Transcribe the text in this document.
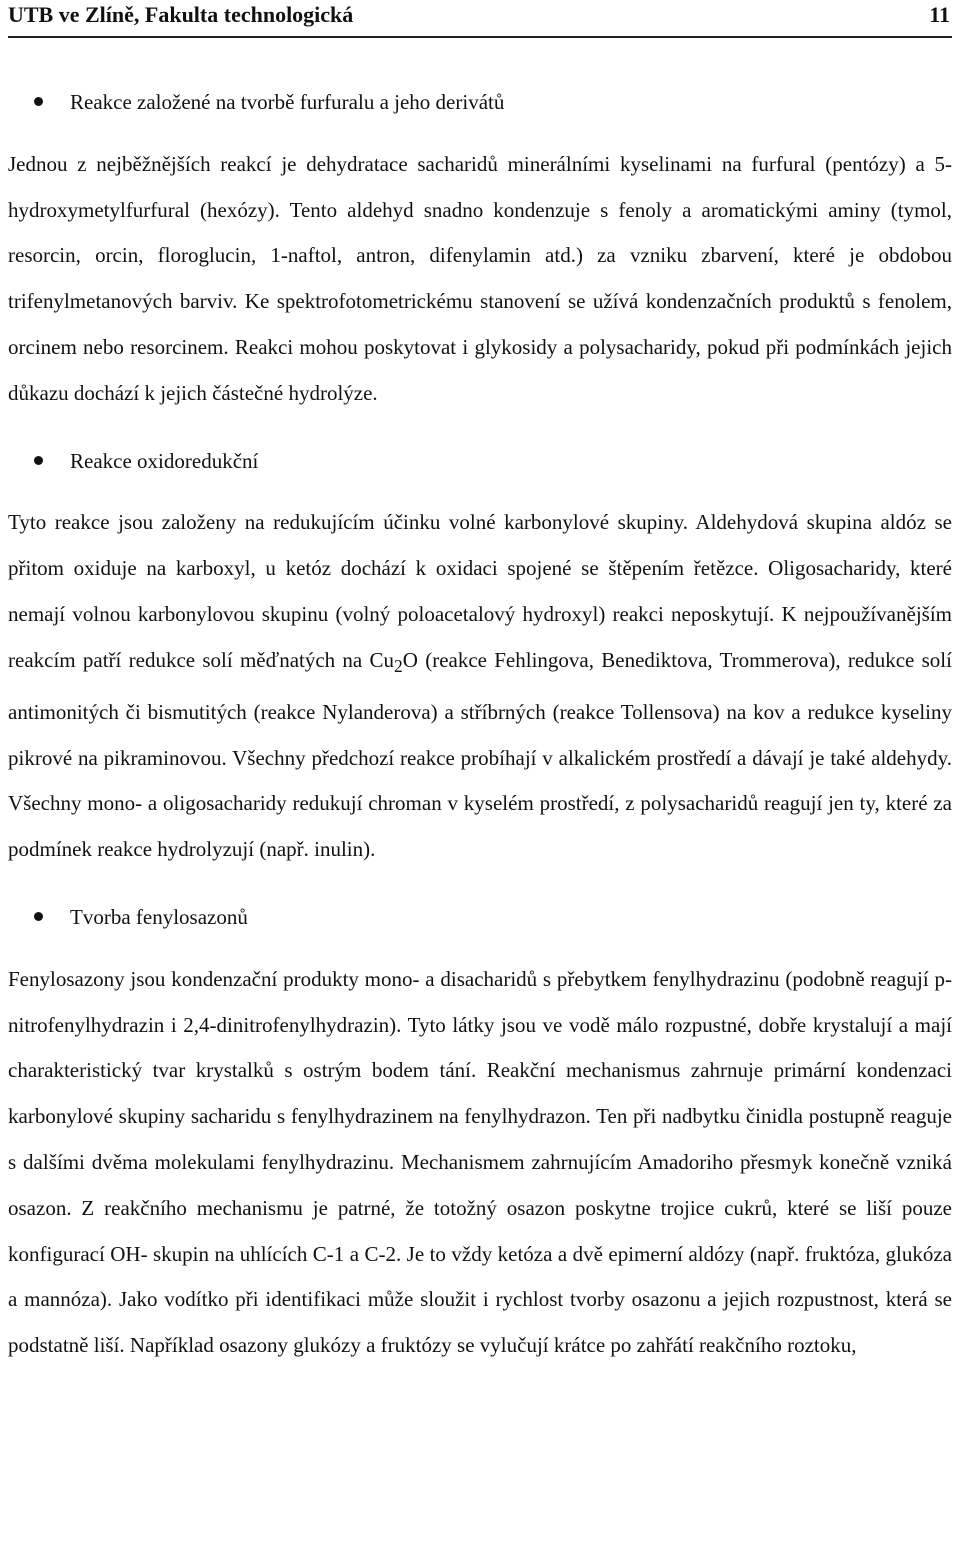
UTB ve Zlíně, Fakulta technologická	11

Reakce založené na tvorbě furfuralu a jeho derivátů

Jednou z nejběžnějších reakcí je dehydratace sacharidů minerálními kyselinami na furfural (pentózy) a 5-hydroxymetylfurfural (hexózy). Tento aldehyd snadno kondenzuje s fenoly a aromatickými aminy (tymol, resorcin, orcin, floroglucin, 1-naftol, antron, difenylamin atd.) za vzniku zbarvení, které je obdobou trifenylmetanových barviv. Ke spektrofotometrickému stanovení se užívá kondenzačních produktů s fenolem, orcinem nebo resorcinem. Reakci mohou poskytovat i glykosidy a polysacharidy, pokud při podmínkách jejich důkazu dochází k jejich částečné hydrolýze.

Reakce oxidoredukční

Tyto reakce jsou založeny na redukujícím účinku volné karbonylové skupiny. Aldehydová skupina aldóz se přitom oxiduje na karboxyl, u ketóz dochází k oxidaci spojené se štěpením řetězce. Oligosacharidy, které nemají volnou karbonylovou skupinu (volný poloacetalový hydroxyl) reakci neposkytují. K nejpoužívanějším reakcím patří redukce solí měďnatých na $Cu_2O$ (reakce Fehlingova, Benediktova, Trommerova), redukce solí antimonitých či bismutitých (reakce Nylanderova) a stříbrných (reakce Tollensova) na kov a redukce kyseliny pikrové na pikraminovou. Všechny předchozí reakce probíhají v alkalickém prostředí a dávají je také aldehydy. Všechny mono- a oligosacharidy redukují chroman v kyselém prostředí, z polysacharidů reagují jen ty, které za podmínek reakce hydrolyzují (např. inulin).

Tvorba fenylosazonů

Fenylosazony jsou kondenzační produkty mono- a disacharidů s přebytkem fenylhydrazinu (podobně reagují p-nitrofenylhydrazin i 2,4-dinitrofenylhydrazin). Tyto látky jsou ve vodě málo rozpustné, dobře krystalují a mají charakteristický tvar krystalků s ostrým bodem tání. Reakční mechanismus zahrnuje primární kondenzaci karbonylové skupiny sacharidu s fenylhydrazinem na fenylhydrazon. Ten při nadbytku činidla postupně reaguje s dalšími dvěma molekulami fenylhydrazinu. Mechanismem zahrnujícím Amadoriho přesmyk konečně vzniká osazon. Z reakčního mechanismu je patrné, že totožný osazon poskytne trojice cukrů, které se liší pouze konfigurací OH- skupin na uhlících C-1 a C-2. Je to vždy ketóza a dvě epimerní aldózy (např. fruktóza, glukóza a mannóza). Jako vodítko při identifikaci může sloužit i rychlost tvorby osazonu a jejich rozpustnost, která se podstatně liší. Například osazony glukózy a fruktózy se vylučují krátce po zahřátí reakčního roztoku,
